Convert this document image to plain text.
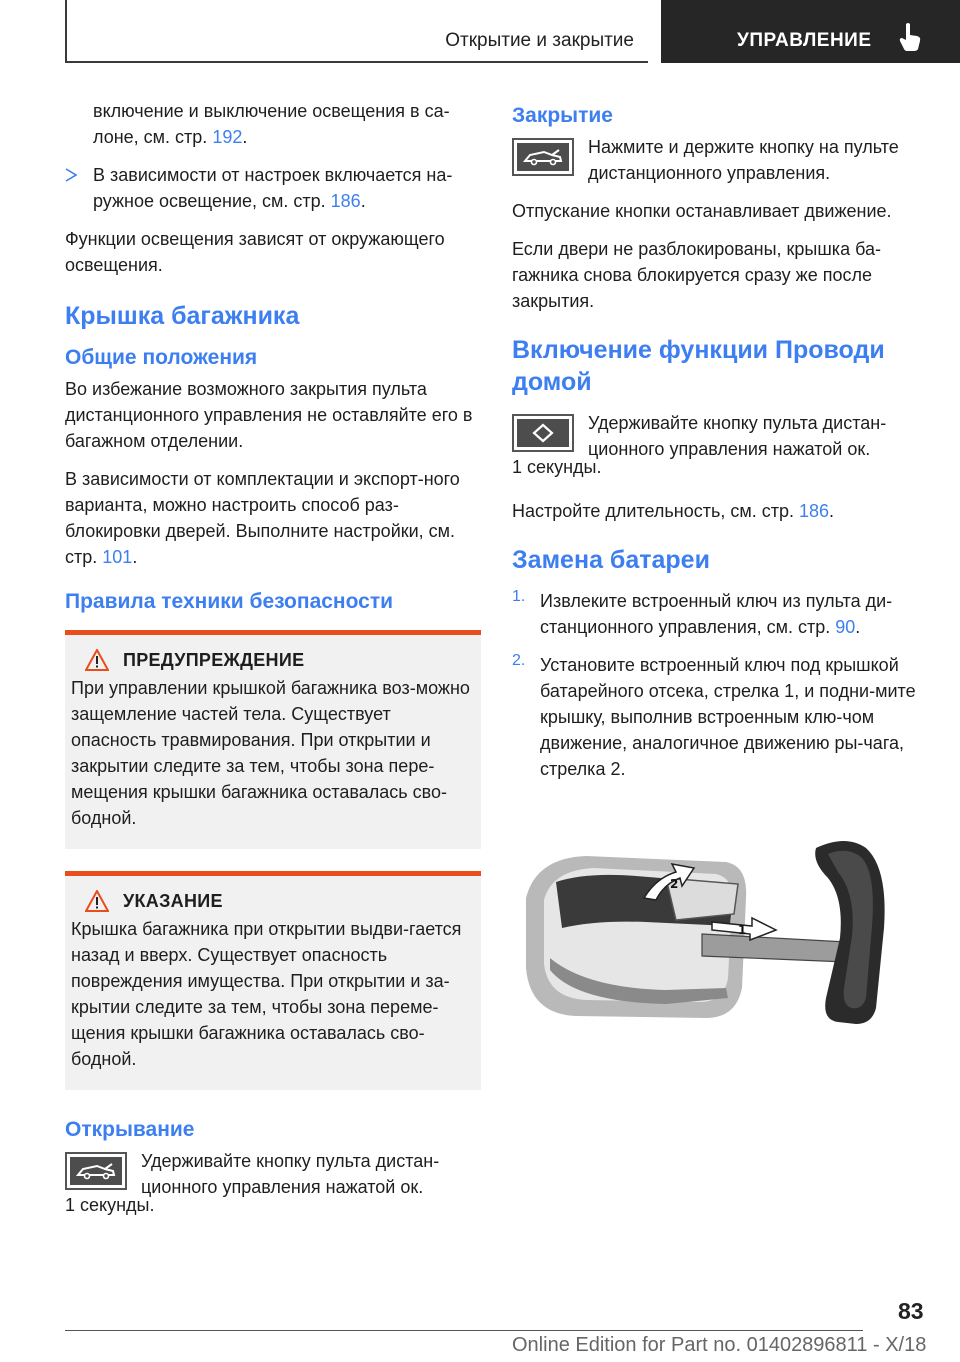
Открытие и закрытие	УПРАВЛЕНИЕ

включение и выключение освещения в са-лоне, см. стр. 192.

В зависимости от настроек включается на-ружное освещение, см. стр. 186.

Функции освещения зависят от окружающего освещения.

Крышка багажника
Общие положения

Во избежание возможного закрытия пульта дистанционного управления не оставляйте его в багажном отделении.

В зависимости от комплектации и экспорт-ного варианта, можно настроить способ раз-блокировки дверей. Выполните настройки, см. стр. 101.

Правила техники безопасности
ПРЕДУПРЕЖДЕНИЕ

При управлении крышкой багажника воз-можно защемление частей тела. Существует опасность травмирования. При открытии и закрытии следите за тем, чтобы зона пере-мещения крышки багажника оставалась сво-бодной.

УКАЗАНИЕ

Крышка багажника при открытии выдви-гается назад и вверх. Существует опасность повреждения имущества. При открытии и за-крытии следите за тем, чтобы зона переме-щения крышки багажника оставалась сво-бодной.

Открывание

Удерживайте кнопку пульта дистан-ционного управления нажатой ок.

1 секунды.

Закрытие

Нажмите и держите кнопку на пульте дистанционного управления.

Отпускание кнопки останавливает движение.

Если двери не разблокированы, крышка ба-гажника снова блокируется сразу же после закрытия.

Включение функции Проводи домой

Удерживайте кнопку пульта дистан-ционного управления нажатой ок.

1 секунды.

Настройте длительность, см. стр. 186.

Замена батареи
1. Извлеките встроенный ключ из пульта ди-станционного управления, см. стр. 90.

2. Установите встроенный ключ под крышкой батарейного отсека, стрелка 1, и подни-мите крышку, выполнив встроенным клю-чом движение, аналогичное движению ры-чага, стрелка 2.

2
1
83
Online Edition for Part no. 01402896811 - X/18
